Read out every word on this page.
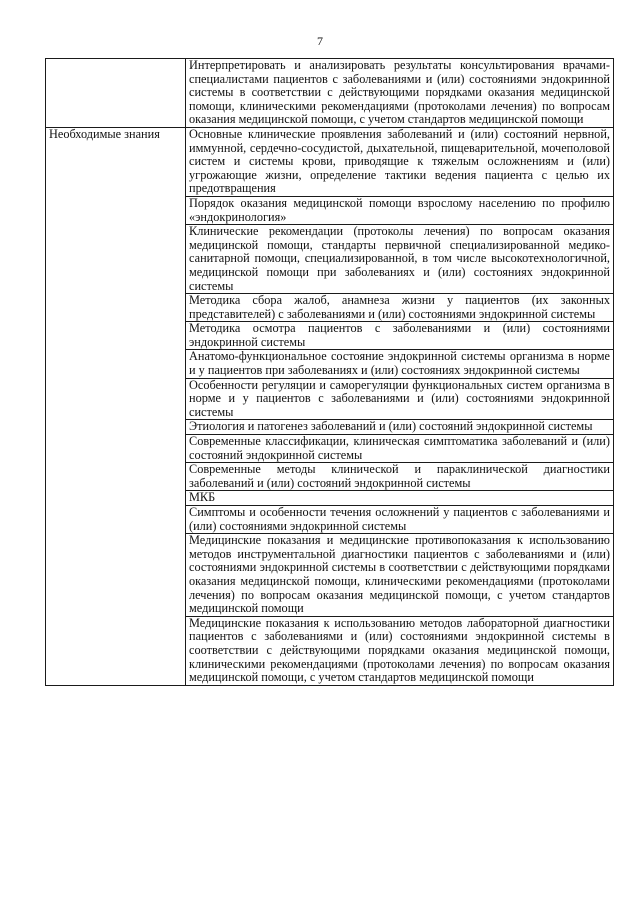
7
	Интерпретировать и анализировать результаты консультирования врачами-специалистами пациентов с заболеваниями и (или) состояниями эндокринной системы в соответствии с действующими порядками оказания медицинской помощи, клиническими рекомендациями (протоколами лечения) по вопросам оказания медицинской помощи, с учетом стандартов медицинской помощи
Необходимые знания	Основные клинические проявления заболеваний и (или) состояний нервной, иммунной, сердечно-сосудистой, дыхательной, пищеварительной, мочеполовой систем и системы крови, приводящие к тяжелым осложнениям и (или) угрожающие жизни, определение тактики ведения пациента с целью их предотвращения
	Порядок оказания медицинской помощи взрослому населению по профилю «эндокринология»
	Клинические рекомендации (протоколы лечения) по вопросам оказания медицинской помощи, стандарты первичной специализированной медико-санитарной помощи, специализированной, в том числе высокотехнологичной, медицинской помощи при заболеваниях и (или) состояниях эндокринной системы
	Методика сбора жалоб, анамнеза жизни у пациентов (их законных представителей) с заболеваниями и (или) состояниями эндокринной системы
	Методика осмотра пациентов с заболеваниями и (или) состояниями эндокринной системы
	Анатомо-функциональное состояние эндокринной системы организма в норме и у пациентов при заболеваниях и (или) состояниях эндокринной системы
	Особенности регуляции и саморегуляции функциональных систем организма в норме и у пациентов с заболеваниями и (или) состояниями эндокринной системы
	Этиология и патогенез заболеваний и (или) состояний эндокринной системы
	Современные классификации, клиническая симптоматика заболеваний и (или) состояний эндокринной системы
	Современные методы клинической и параклинической диагностики заболеваний и (или) состояний эндокринной системы
	МКБ
	Симптомы и особенности течения осложнений у пациентов с заболеваниями и (или) состояниями эндокринной системы
	Медицинские показания и медицинские противопоказания к использованию методов инструментальной диагностики пациентов с заболеваниями и (или) состояниями эндокринной системы в соответствии с действующими порядками оказания медицинской помощи, клиническими рекомендациями (протоколами лечения) по вопросам оказания медицинской помощи, с учетом стандартов медицинской помощи
	Медицинские показания к использованию методов лабораторной диагностики пациентов с заболеваниями и (или) состояниями эндокринной системы в соответствии с действующими порядками оказания медицинской помощи, клиническими рекомендациями (протоколами лечения) по вопросам оказания медицинской помощи, с учетом стандартов медицинской помощи
